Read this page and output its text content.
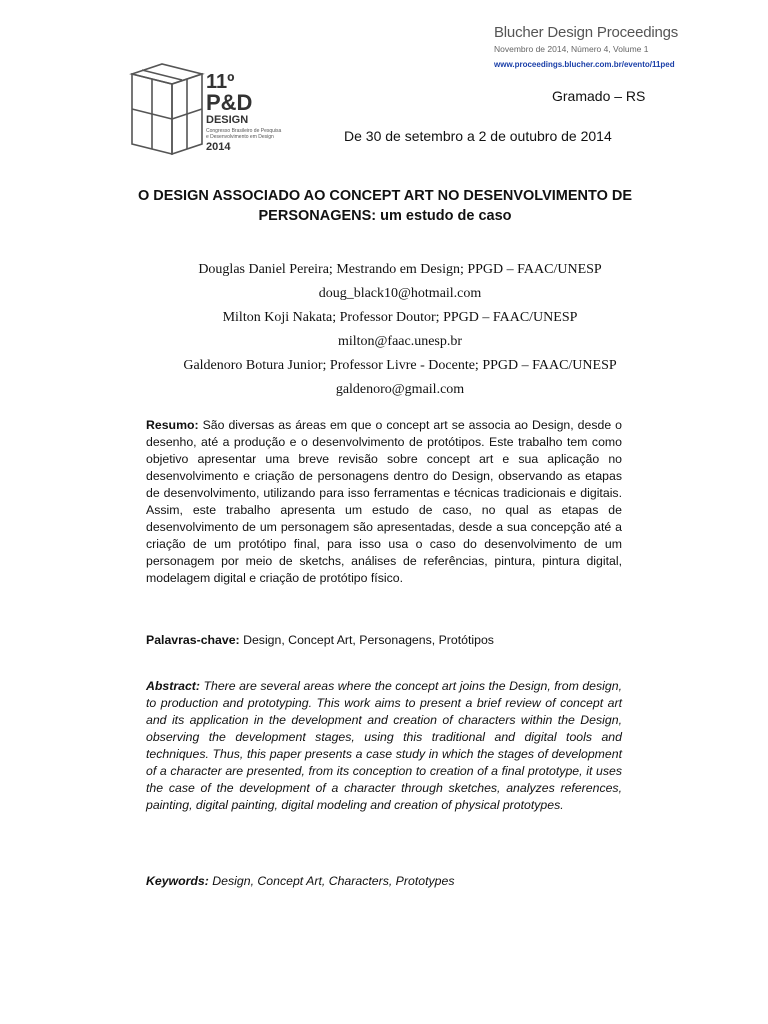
Blucher Design Proceedings
Novembro de 2014, Número 4, Volume 1
www.proceedings.blucher.com.br/evento/11ped
11º
P&D
DESIGN
Congresso Brasileiro de Pesquisa e Desenvolvimento em Design
2014
Gramado – RS
De 30 de setembro a 2 de outubro de 2014
O DESIGN ASSOCIADO AO CONCEPT ART NO DESENVOLVIMENTO DE
PERSONAGENS: um estudo de caso
Douglas Daniel Pereira; Mestrando em Design; PPGD – FAAC/UNESP
doug_black10@hotmail.com
Milton Koji Nakata; Professor Doutor; PPGD – FAAC/UNESP
milton@faac.unesp.br
Galdenoro Botura Junior; Professor Livre - Docente; PPGD – FAAC/UNESP
galdenoro@gmail.com
Resumo: São diversas as áreas em que o concept art se associa ao Design, desde o desenho, até a produção e o desenvolvimento de protótipos. Este trabalho tem como objetivo apresentar uma breve revisão sobre concept art e sua aplicação no desenvolvimento e criação de personagens dentro do Design, observando as etapas de desenvolvimento, utilizando para isso ferramentas e técnicas tradicionais e digitais. Assim, este trabalho apresenta um estudo de caso, no qual as etapas de desenvolvimento de um personagem são apresentadas, desde a sua concepção até a criação de um protótipo final, para isso usa o caso do desenvolvimento de um personagem por meio de sketchs, análises de referências, pintura, pintura digital, modelagem digital e criação de protótipo físico.
Palavras-chave: Design, Concept Art, Personagens, Protótipos
Abstract: There are several areas where the concept art joins the Design, from design, to production and prototyping. This work aims to present a brief review of concept art and its application in the development and creation of characters within the Design, observing the development stages, using this traditional and digital tools and techniques. Thus, this paper presents a case study in which the stages of development of a character are presented, from its conception to creation of a final prototype, it uses the case of the development of a character through sketches, analyzes references, painting, digital painting, digital modeling and creation of physical prototypes.
Keywords: Design, Concept Art, Characters, Prototypes
